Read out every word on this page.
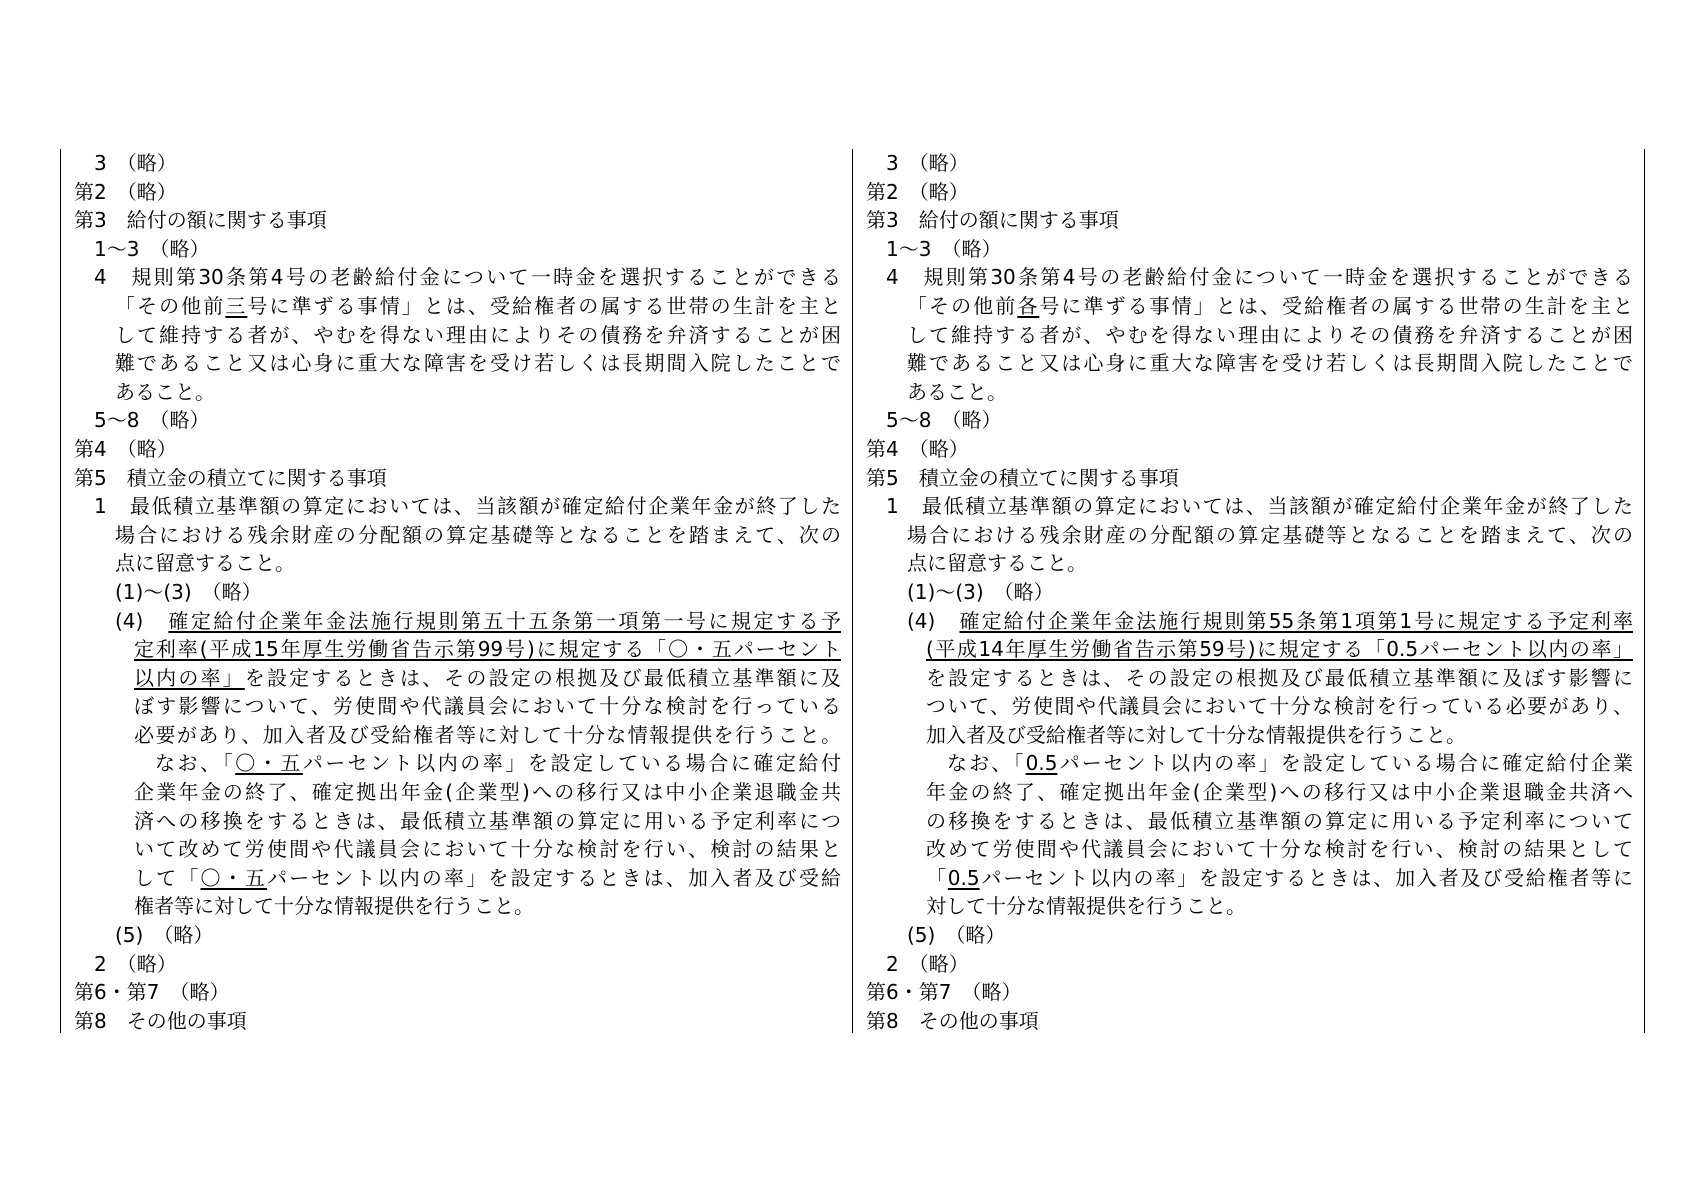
3　（略）
第2　（略）
第3　給付の額に関する事項
1～3　（略）
4　規則第30条第4号の老齢給付金について一時金を選択することができる
「その他前三号に準ずる事情」とは、受給権者の属する世帯の生計を主と
して維持する者が、やむを得ない理由によりその債務を弁済することが困
難であること又は心身に重大な障害を受け若しくは長期間入院したことで
あること。
5～8　（略）
第4　（略）
第5　積立金の積立てに関する事項
1　最低積立基準額の算定においては、当該額が確定給付企業年金が終了した
場合における残余財産の分配額の算定基礎等となることを踏まえて、次の
点に留意すること。
(1)～(3)　（略）
(4)　確定給付企業年金法施行規則第五十五条第一項第一号に規定する予
定利率(平成15年厚生労働省告示第99号)に規定する「〇・五パーセント
以内の率」を設定するときは、その設定の根拠及び最低積立基準額に及
ぼす影響について、労使間や代議員会において十分な検討を行っている
必要があり、加入者及び受給権者等に対して十分な情報提供を行うこと。
なお、「〇・五パーセント以内の率」を設定している場合に確定給付
企業年金の終了、確定拠出年金(企業型)への移行又は中小企業退職金共
済への移換をするときは、最低積立基準額の算定に用いる予定利率につ
いて改めて労使間や代議員会において十分な検討を行い、検討の結果と
して「〇・五パーセント以内の率」を設定するときは、加入者及び受給
権者等に対して十分な情報提供を行うこと。
(5)　（略）
2　（略）
第6・第7　（略）
第8　その他の事項
3　（略）
第2　（略）
第3　給付の額に関する事項
1～3　（略）
4　規則第30条第4号の老齢給付金について一時金を選択することができる
「その他前各号に準ずる事情」とは、受給権者の属する世帯の生計を主と
して維持する者が、やむを得ない理由によりその債務を弁済することが困
難であること又は心身に重大な障害を受け若しくは長期間入院したことで
あること。
5～8　（略）
第4　（略）
第5　積立金の積立てに関する事項
1　最低積立基準額の算定においては、当該額が確定給付企業年金が終了した
場合における残余財産の分配額の算定基礎等となることを踏まえて、次の
点に留意すること。
(1)～(3)　（略）
(4)　確定給付企業年金法施行規則第55条第1項第1号に規定する予定利率
(平成14年厚生労働省告示第59号)に規定する「0.5パーセント以内の率」
を設定するときは、その設定の根拠及び最低積立基準額に及ぼす影響に
ついて、労使間や代議員会において十分な検討を行っている必要があり、
加入者及び受給権者等に対して十分な情報提供を行うこと。
なお、「0.5パーセント以内の率」を設定している場合に確定給付企業
年金の終了、確定拠出年金(企業型)への移行又は中小企業退職金共済へ
の移換をするときは、最低積立基準額の算定に用いる予定利率について
改めて労使間や代議員会において十分な検討を行い、検討の結果として
「0.5パーセント以内の率」を設定するときは、加入者及び受給権者等に
対して十分な情報提供を行うこと。
(5)　（略）
2　（略）
第6・第7　（略）
第8　その他の事項
